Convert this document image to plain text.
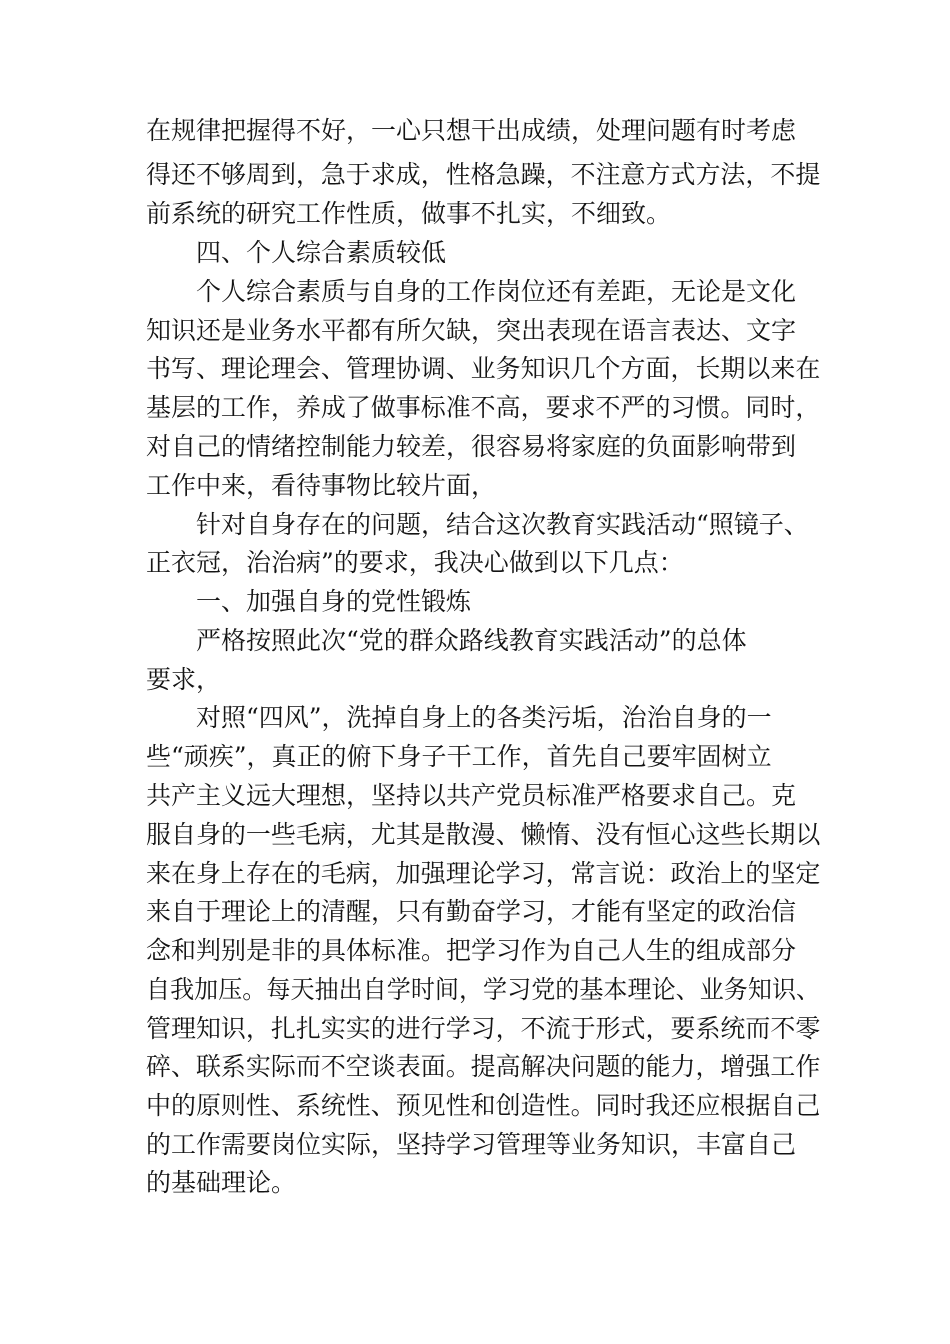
在规律把握得不好，一心只想干出成绩，处理问题有时考虑
得还不够周到，急于求成，性格急躁，不注意方式方法，不提
前系统的研究工作性质，做事不扎实，不细致。
四、个人综合素质较低
个人综合素质与自身的工作岗位还有差距，无论是文化
知识还是业务水平都有所欠缺，突出表现在语言表达、文字
书写、理论理会、管理协调、业务知识几个方面，长期以来在
基层的工作，养成了做事标准不高，要求不严的习惯。同时，
对自己的情绪控制能力较差，很容易将家庭的负面影响带到
工作中来，看待事物比较片面，
针对自身存在的问题，结合这次教育实践活动“照镜子、
正衣冠，治治病”的要求，我决心做到以下几点：
一、加强自身的党性锻炼
严格按照此次“党的群众路线教育实践活动”的总体
要求，
对照“四风”，洗掉自身上的各类污垢，治治自身的一
些“顽疾”，真正的俯下身子干工作，首先自己要牢固树立
共产主义远大理想，坚持以共产党员标准严格要求自己。克
服自身的一些毛病，尤其是散漫、懒惰、没有恒心这些长期以
来在身上存在的毛病，加强理论学习，常言说：政治上的坚定
来自于理论上的清醒，只有勤奋学习，才能有坚定的政治信
念和判别是非的具体标准。把学习作为自己人生的组成部分
自我加压。每天抽出自学时间，学习党的基本理论、业务知识、
管理知识，扎扎实实的进行学习，不流于形式，要系统而不零
碎、联系实际而不空谈表面。提高解决问题的能力，增强工作
中的原则性、系统性、预见性和创造性。同时我还应根据自己
的工作需要岗位实际，坚持学习管理等业务知识，丰富自己
的基础理论。
